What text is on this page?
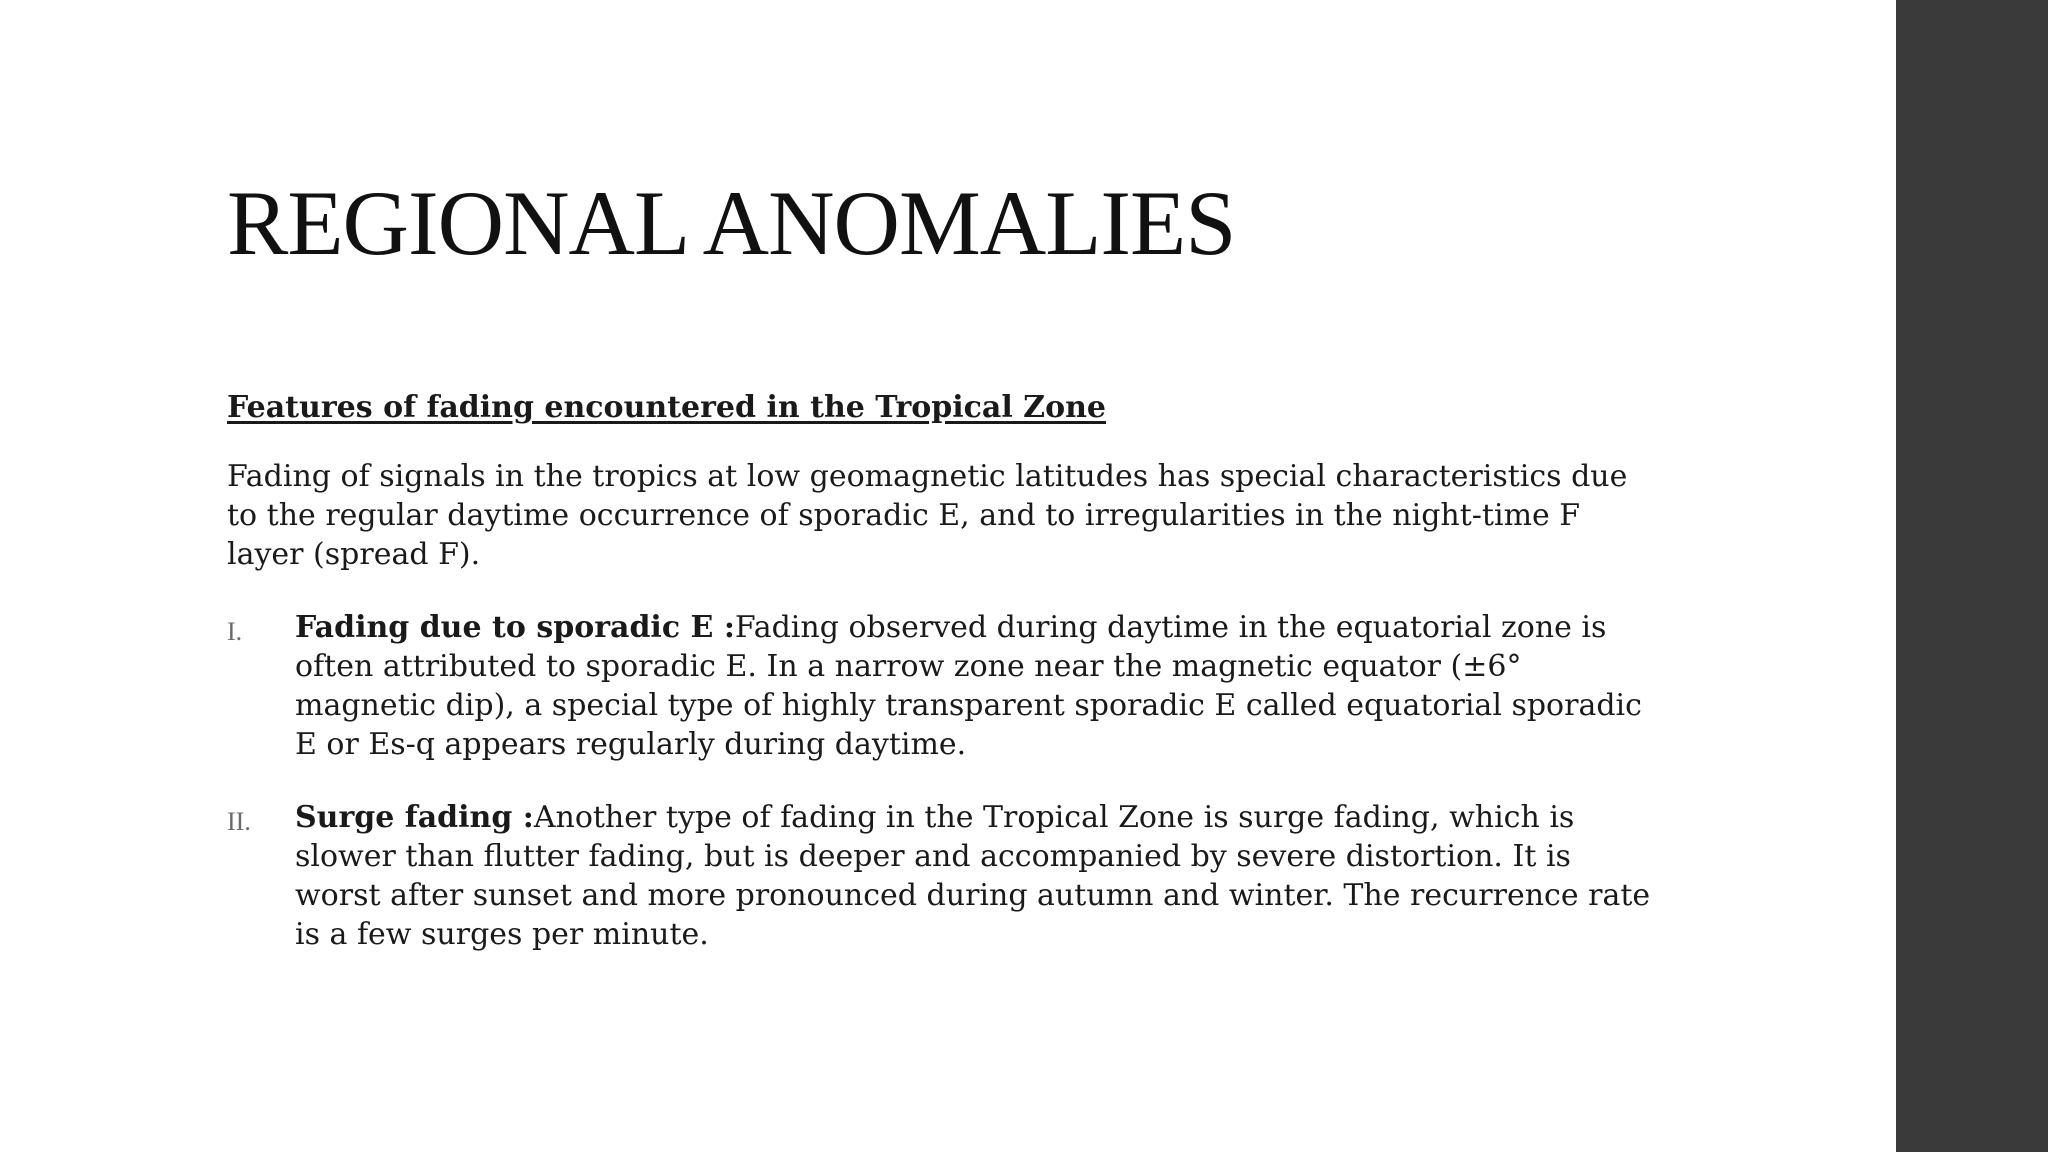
REGIONAL ANOMALIES

Features of fading encountered in the Tropical Zone

Fading of signals in the tropics at low geomagnetic latitudes has special characteristics due to the regular daytime occurrence of sporadic E, and to irregularities in the night-time F layer (spread F).

I. Fading due to sporadic E :Fading observed during daytime in the equatorial zone is often attributed to sporadic E. In a narrow zone near the magnetic equator (±6° magnetic dip), a special type of highly transparent sporadic E called equatorial sporadic E or Es-q appears regularly during daytime.
II. Surge fading :Another type of fading in the Tropical Zone is surge fading, which is slower than flutter fading, but is deeper and accompanied by severe distortion. It is worst after sunset and more pronounced during autumn and winter. The recurrence rate is a few surges per minute.
